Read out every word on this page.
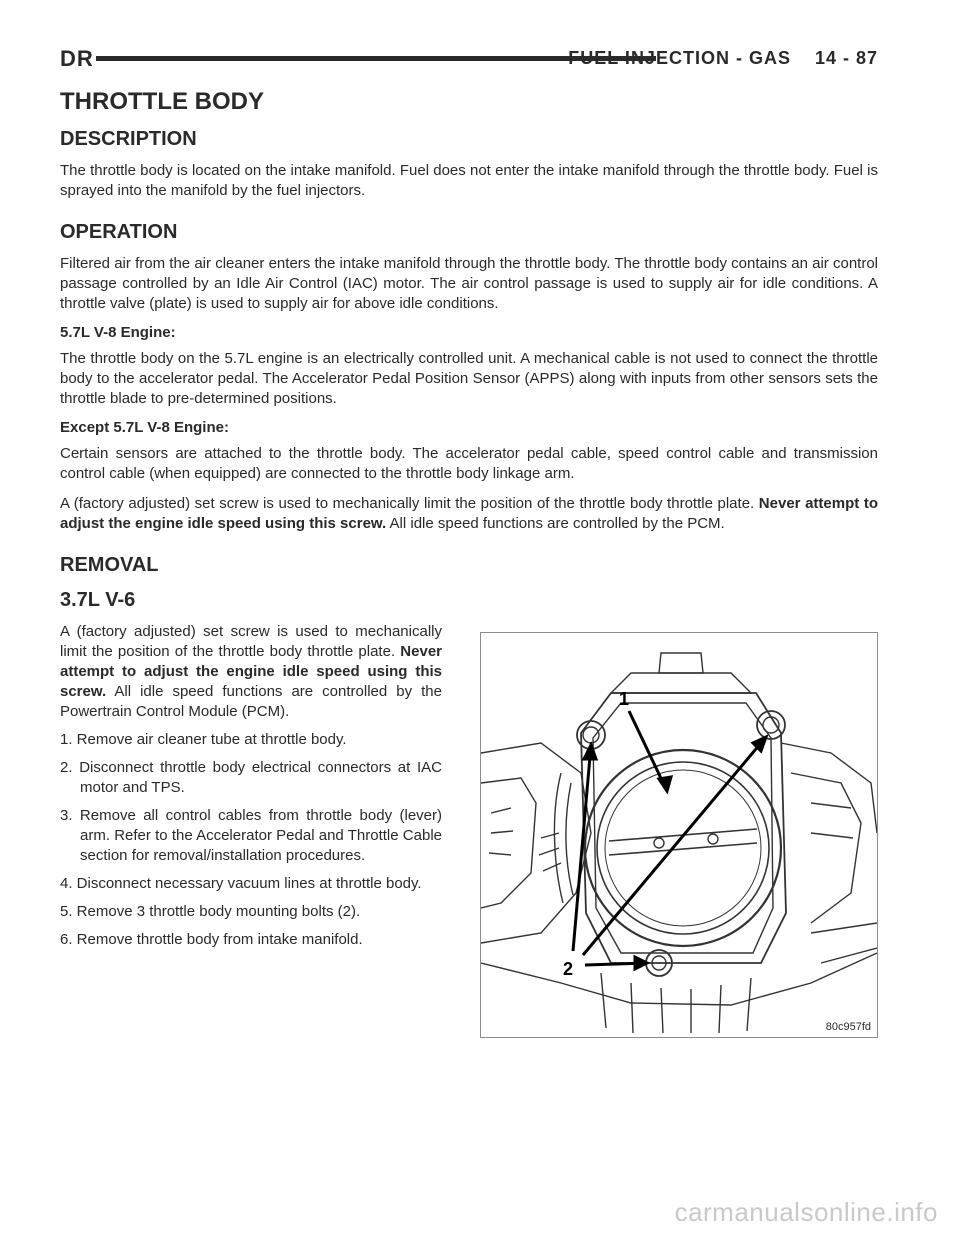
DR	FUEL INJECTION - GAS    14 - 87
THROTTLE BODY
DESCRIPTION

The throttle body is located on the intake manifold. Fuel does not enter the intake manifold through the throttle body. Fuel is sprayed into the manifold by the fuel injectors.

OPERATION

Filtered air from the air cleaner enters the intake manifold through the throttle body. The throttle body contains an air control passage controlled by an Idle Air Control (IAC) motor. The air control passage is used to supply air for idle conditions. A throttle valve (plate) is used to supply air for above idle conditions.

5.7L V-8 Engine:

The throttle body on the 5.7L engine is an electrically controlled unit. A mechanical cable is not used to connect the throttle body to the accelerator pedal. The Accelerator Pedal Position Sensor (APPS) along with inputs from other sensors sets the throttle blade to pre-determined positions.

Except 5.7L V-8 Engine:

Certain sensors are attached to the throttle body. The accelerator pedal cable, speed control cable and transmission control cable (when equipped) are connected to the throttle body linkage arm.

A (factory adjusted) set screw is used to mechanically limit the position of the throttle body throttle plate. Never attempt to adjust the engine idle speed using this screw. All idle speed functions are controlled by the PCM.

REMOVAL
3.7L V-6

A (factory adjusted) set screw is used to mechanically limit the position of the throttle body throttle plate. Never attempt to adjust the engine idle speed using this screw. All idle speed functions are controlled by the Powertrain Control Module (PCM).

1. Remove air cleaner tube at throttle body.
2. Disconnect throttle body electrical connectors at IAC motor and TPS.
3. Remove all control cables from throttle body (lever) arm. Refer to the Accelerator Pedal and Throttle Cable section for removal/installation procedures.
4. Disconnect necessary vacuum lines at throttle body.
5. Remove 3 throttle body mounting bolts (2).
6. Remove throttle body from intake manifold.
1
2
80c957fd
carmanualsonline.info
